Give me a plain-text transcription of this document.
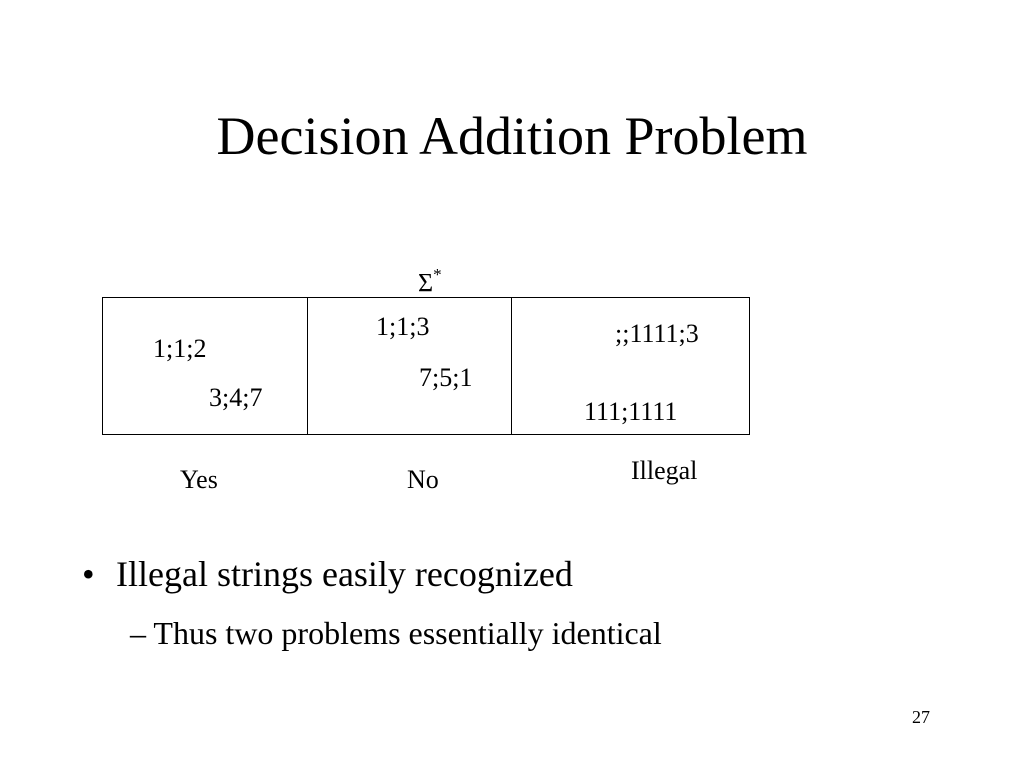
Decision Addition Problem
Σ*
1;1;2
3;4;7
1;1;3
7;5;1
;;1111;3
111;1111
Yes	No	Illegal
• Illegal strings easily recognized
– Thus two problems essentially identical
27
